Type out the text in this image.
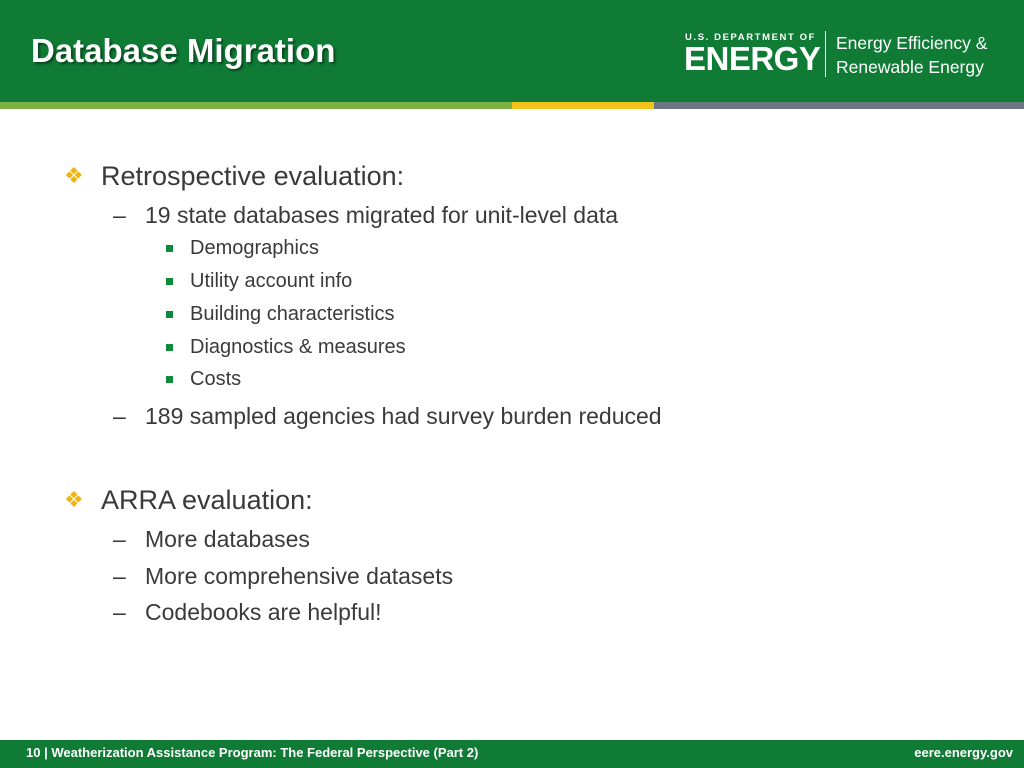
Database Migration	U.S. DEPARTMENT OF
ENERGY Energy Efficiency &
Renewable Energy
❖ Retrospective evaluation:
– 19 state databases migrated for unit-level data
Demographics
Utility account info
Building characteristics
Diagnostics & measures
Costs
– 189 sampled agencies had survey burden reduced
❖ ARRA evaluation:
– More databases
– More comprehensive datasets
– Codebooks are helpful!
10 | Weatherization Assistance Program: The Federal Perspective (Part 2)	eere.energy.gov
